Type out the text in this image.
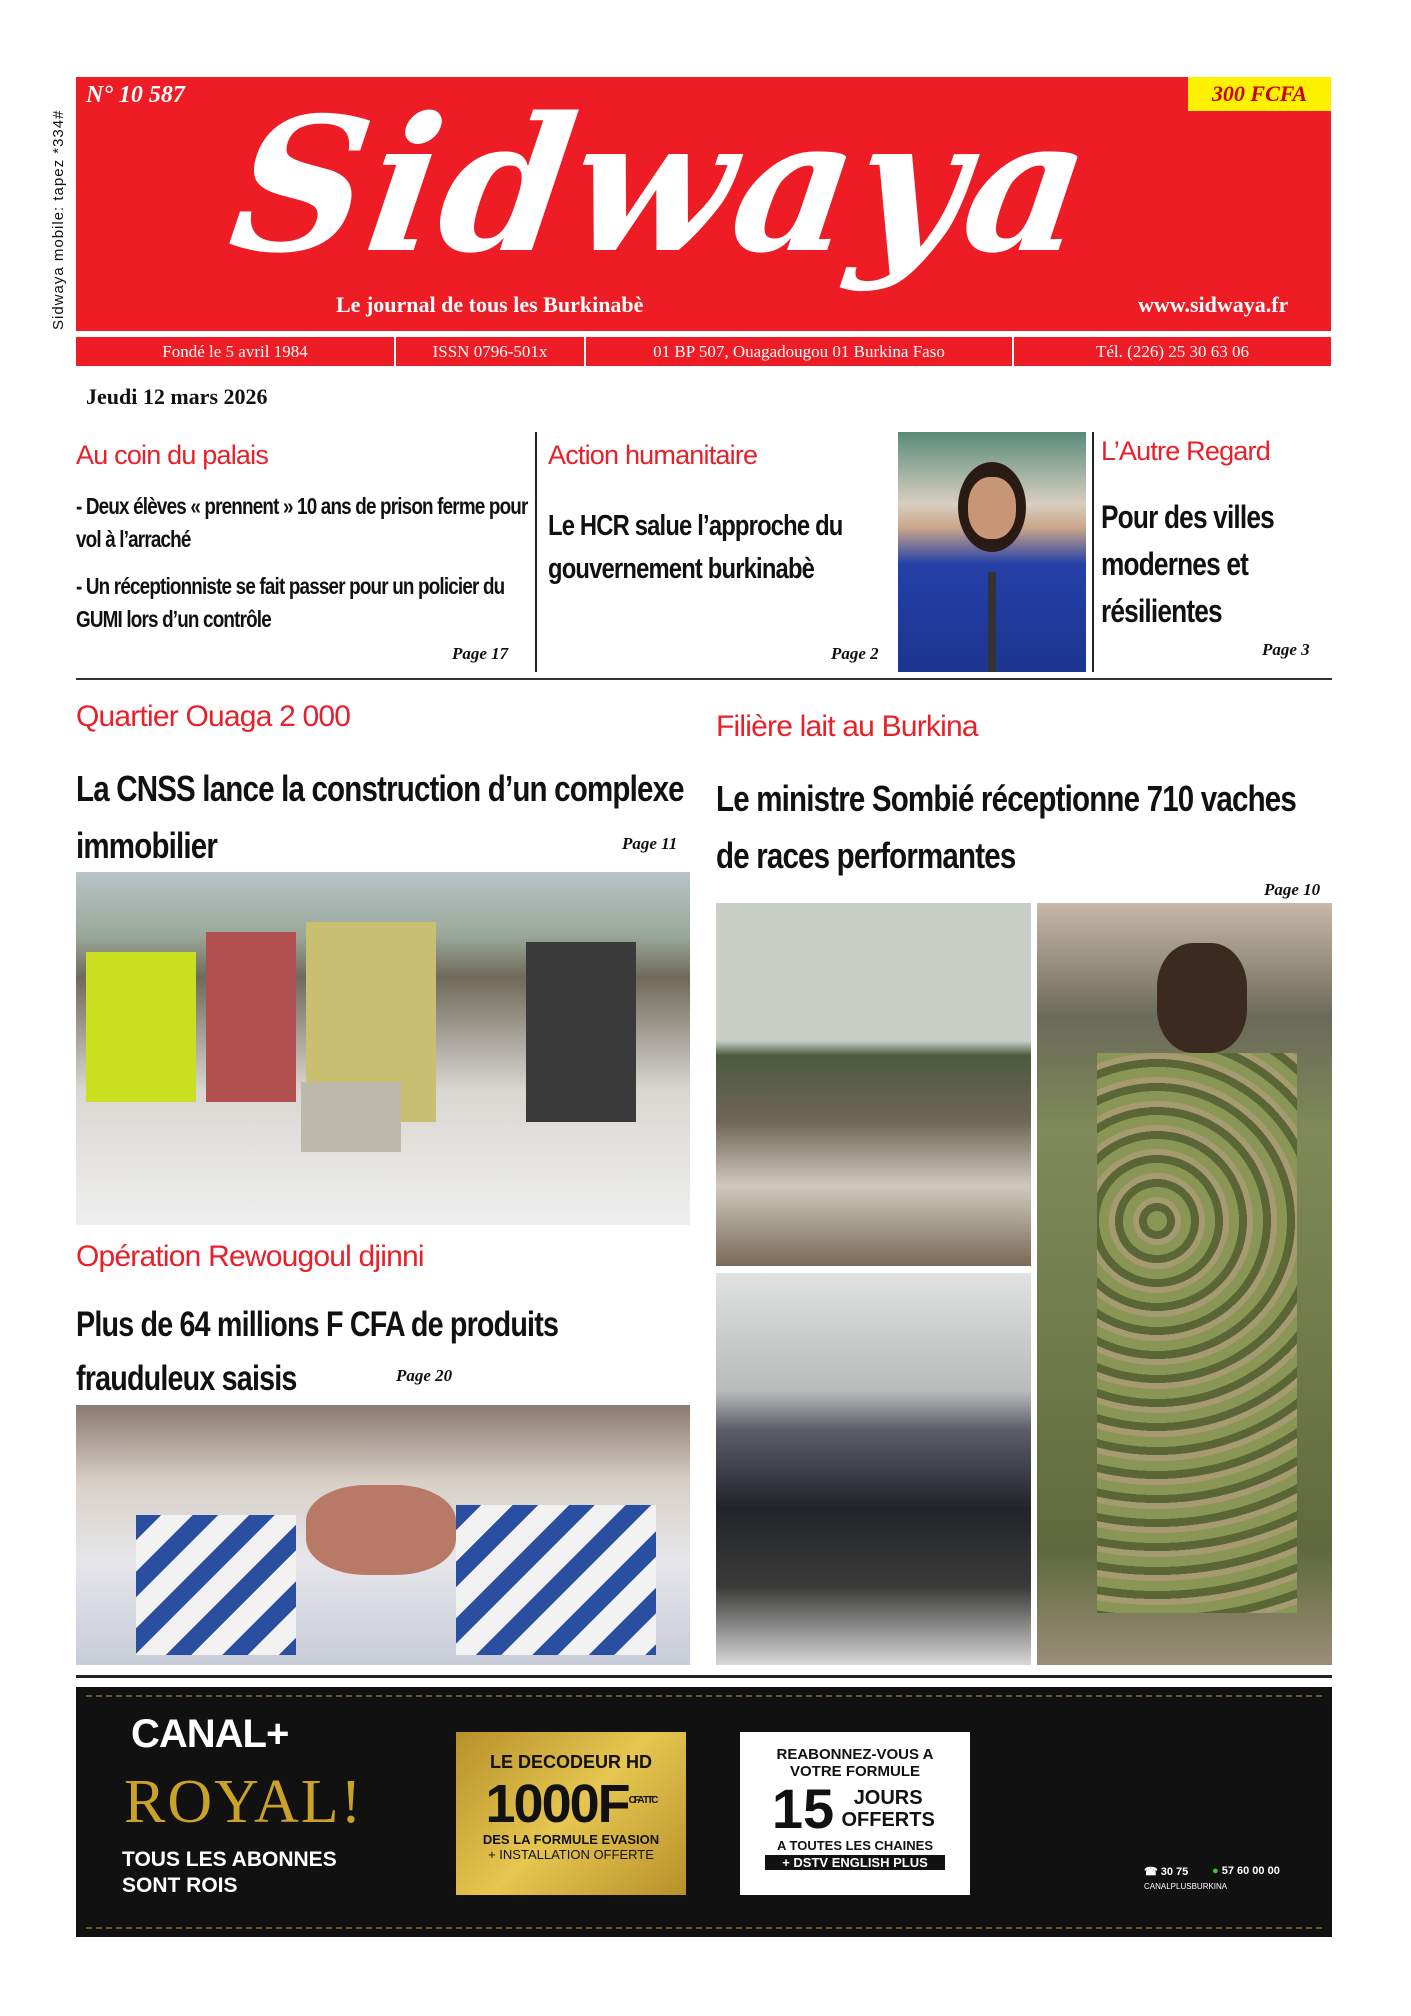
Sidwaya mobile: tapez *334#
N° 10 587 Sidwaya	300 FCFA
Le journal de tous les Burkinabè	www.sidwaya.fr
Fondé le 5 avril 1984	ISSN 0796-501x	01 BP 507, Ouagadougou 01 Burkina Faso	Tél. (226) 25 30 63 06
Jeudi 12 mars 2026
Au coin du palais
- Deux élèves « prennent » 10 ans de prison ferme pour vol à l’arraché
- Un réceptionniste se fait passer pour un policier du GUMI lors d’un contrôle
Page 17
Action humanitaire
Le HCR salue l’approche du gouvernement burkinabè
Page 2
L’Autre Regard
Pour des villes modernes et résilientes
Page 3
Quartier Ouaga 2 000
La CNSS lance la construction d’un complexe immobilier	Page 11
Opération Rewougoul djinni
Plus de 64 millions F CFA de produits frauduleux saisis	Page 20
Filière lait au Burkina
Le ministre Sombié réceptionne 710 vaches de races performantes
Page 10
CANAL+
ROYAL!
TOUS LES ABONNES SONT ROIS
LE DECODEUR HD
$1000F^{CFA TTC}$
DES LA FORMULE EVASION
+ INSTALLATION OFFERTE
REABONNEZ-VOUS A VOTRE FORMULE
15 JOURS OFFERTS
A TOUTES LES CHAINES
+ DSTV ENGLISH PLUS
☎ 30 75 ● 57 60 00 00
CANALPLUSBURKINA
